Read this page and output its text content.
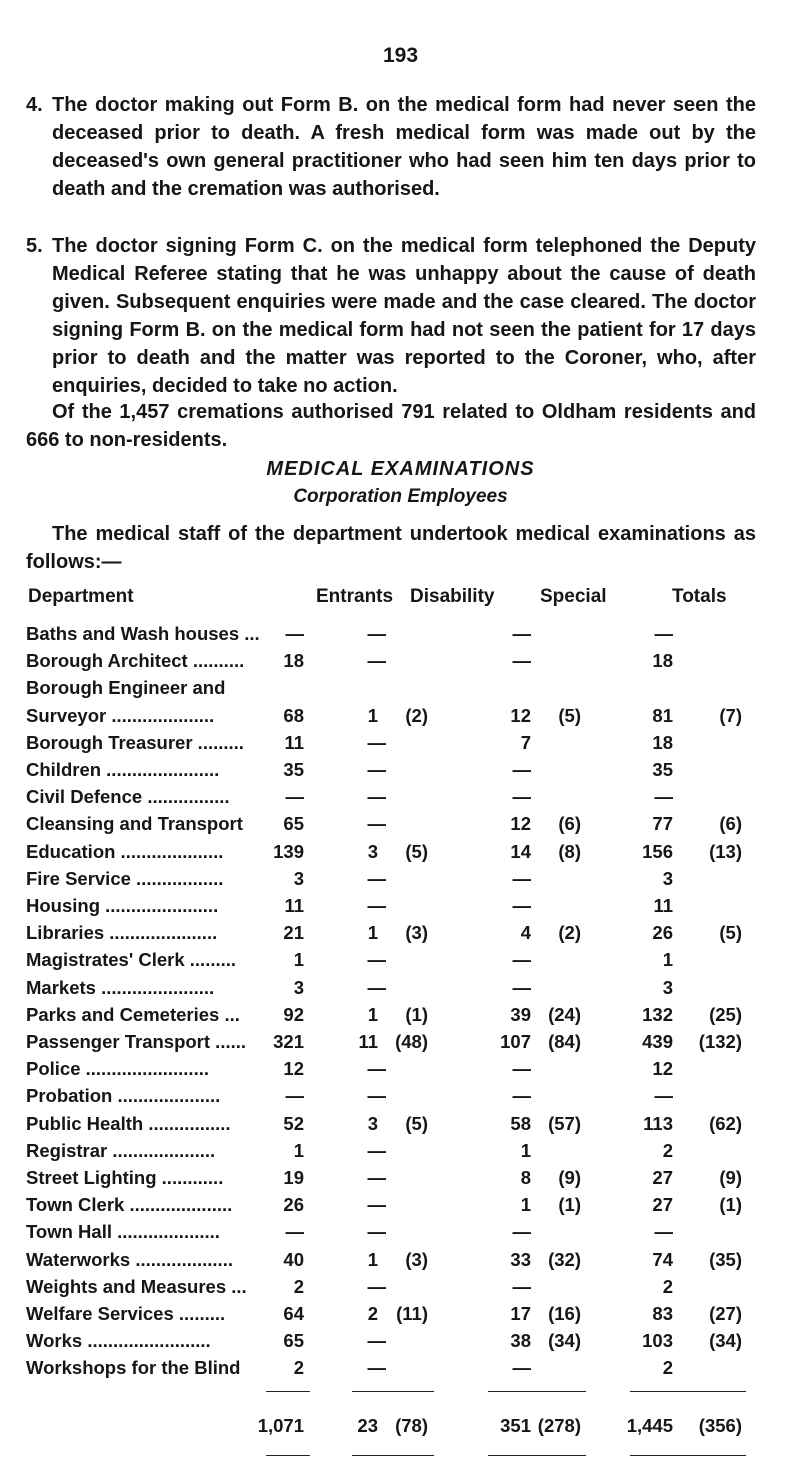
193
4. The doctor making out Form B. on the medical form had never seen the deceased prior to death. A fresh medical form was made out by the deceased's own general practitioner who had seen him ten days prior to death and the cremation was authorised.
5. The doctor signing Form C. on the medical form telephoned the Deputy Medical Referee stating that he was unhappy about the cause of death given. Subsequent enquiries were made and the case cleared. The doctor signing Form B. on the medical form had not seen the patient for 17 days prior to death and the matter was reported to the Coroner, who, after enquiries, decided to take no action.
Of the 1,457 cremations authorised 791 related to Oldham residents and 666 to non-residents.
MEDICAL EXAMINATIONS
Corporation Employees
The medical staff of the department undertook medical examinations as follows:—
Department	Entrants Disability Special	Totals
Baths and Wash houses ... —	—	—	—
Borough Architect .......... 18	—	—	18
Borough Engineer and
Surveyor ....................	68	1 (2)	12 (5)	81	(7)
Borough Treasurer ......... 11	—	7	18
Children ......................	35	—	—	35
Civil Defence ................	—	—	—	—
Cleansing and Transport 65	—	12 (6)	77	(6)
Education ....................	139	3 (5)	14 (8)	156 (13)
Fire Service .................	3	—	—	3
Housing ......................	11	—	—	11
Libraries .....................	21	1 (3)	4 (2)	26	(5)
Magistrates' Clerk .........	1	—	—	1
Markets ......................	3	—	—	3
Parks and Cemeteries ... 92	1 (1)	39 (24)	132 (25)
Passenger Transport ...... 321	11 (48)	107 (84)	439 (132)
Police ........................	12	—	—	12
Probation ....................	—	—	—	—
Public Health ................	52	3 (5)	58 (57)	113 (62)
Registrar ....................	1	—	1	2
Street Lighting ............	19	—	8 (9)	27	(9)
Town Clerk ....................	26	—	1 (1)	27	(1)
Town Hall ....................	—	—	—	—
Waterworks ...................	40	1 (3)	33 (32)	74 (35)
Weights and Measures ...	2	—	—	2
Welfare Services .........	64	2 (11)	17 (16)	83 (27)
Works ........................	65	—	38 (34)	103 (34)
Workshops for the Blind	2	—	—	2
1,071	23 (78)	351 (278) 1,445 (356)
